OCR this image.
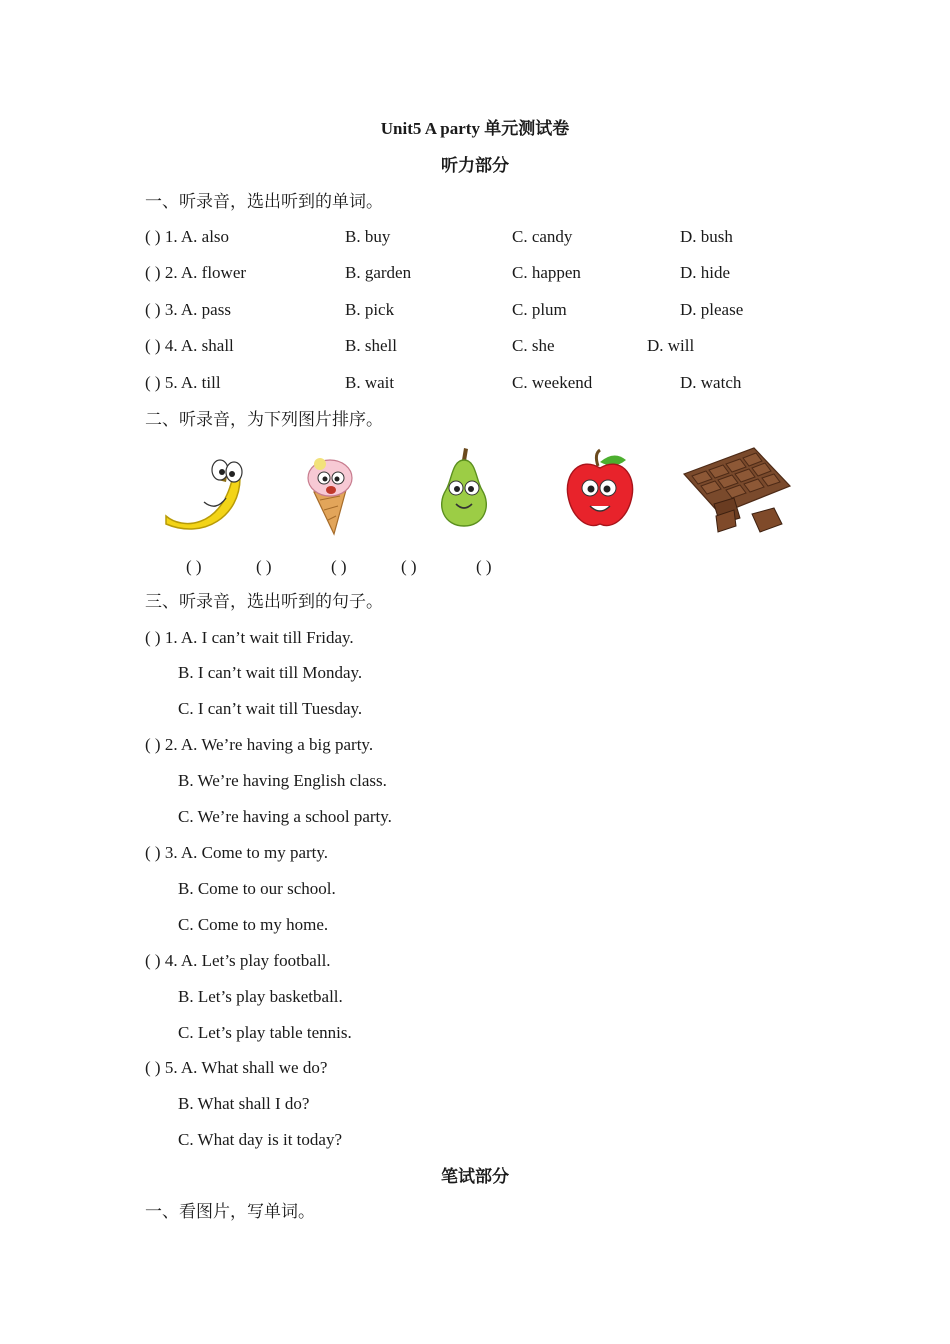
Unit5 A party 单元测试卷
听力部分
一、听录音，选出听到的单词。
( ) 1. A. also	B. buy	C. candy	D. bush
( ) 2. A. flower	B. garden	C. happen	D. hide
( ) 3. A. pass	B. pick	C. plum	D. please
( ) 4. A. shall	B. shell	C. she	D. will
( ) 5. A. till	B. wait	C. weekend	D. watch
二、听录音，为下列图片排序。
( )	( )	( )	( )	( )
三、听录音，选出听到的句子。
( ) 1. A. I can’t wait till Friday.
B. I can’t wait till Monday.
C. I can’t wait till Tuesday.
( ) 2. A. We’re having a big party.
B. We’re having English class.
C. We’re having a school party.
( ) 3. A. Come to my party.
B. Come to our school.
C. Come to my home.
( ) 4. A. Let’s play football.
B. Let’s play basketball.
C. Let’s play table tennis.
( ) 5. A. What shall we do?
B. What shall I do?
C. What day is it today?
笔试部分
一、看图片，写单词。
